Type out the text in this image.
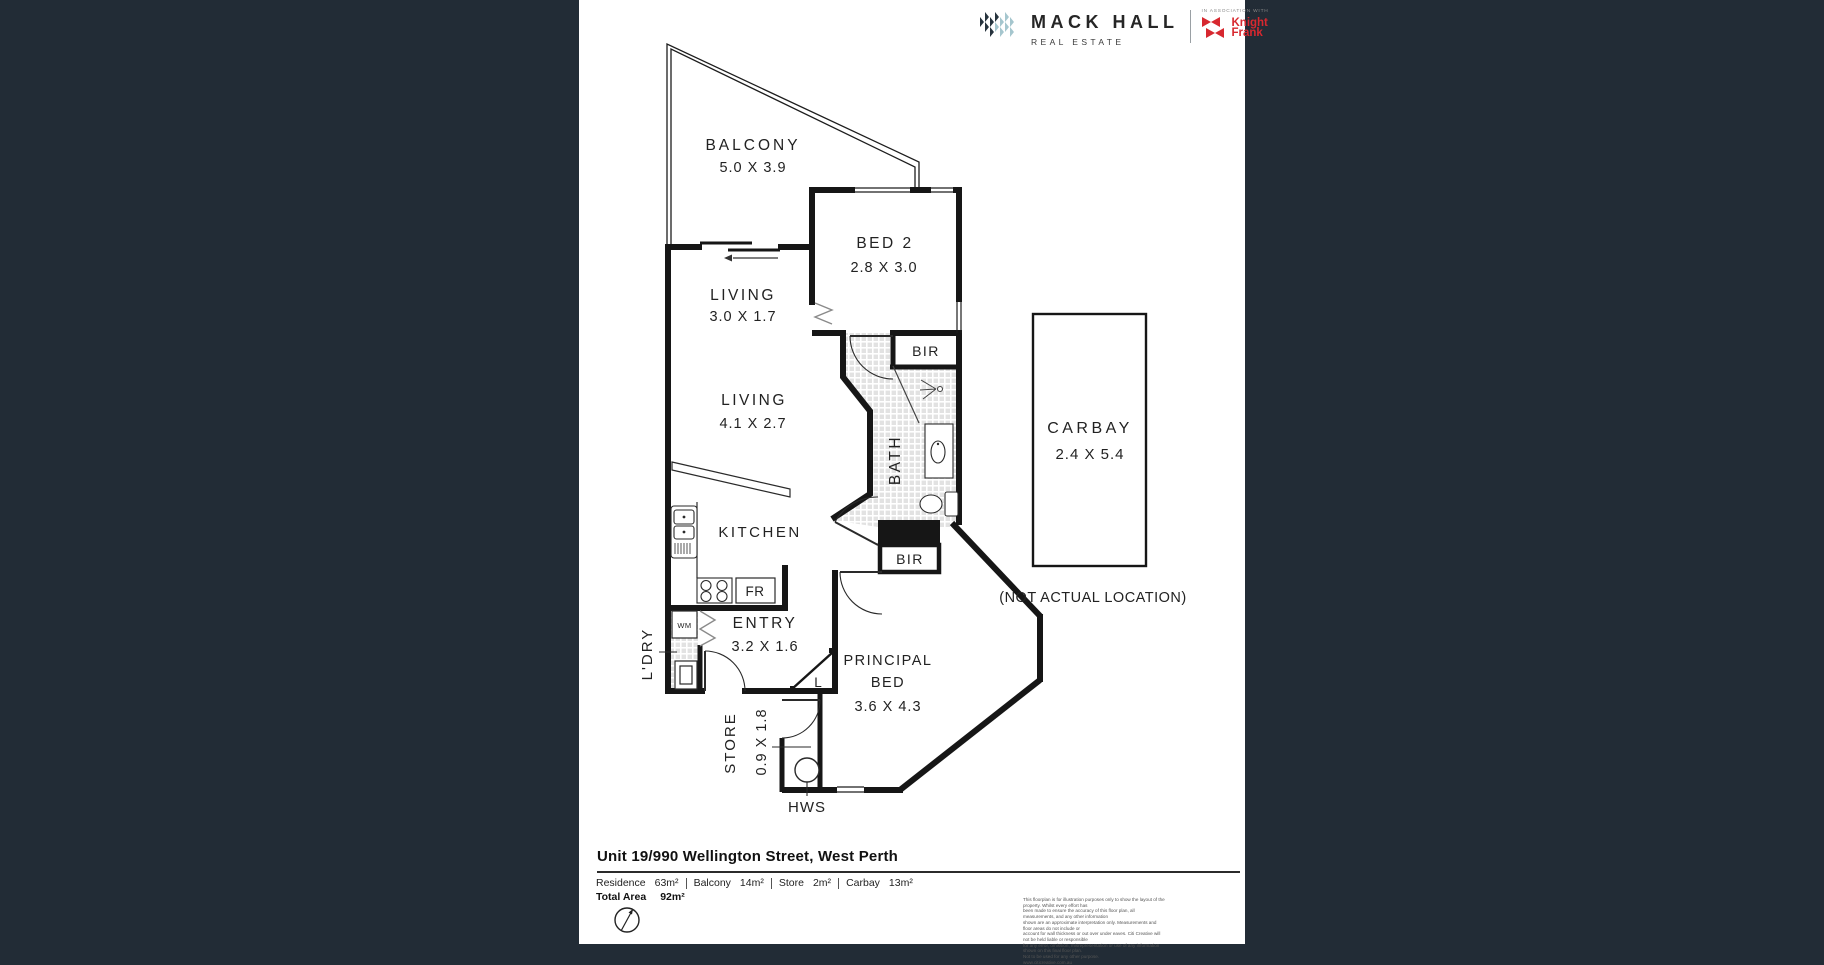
MACK HALL
REAL ESTATE
IN ASSOCIATION WITH
Knight
Frank
BALCONY
5.0 X 3.9
BED 2
2.8 X 3.0
LIVING
3.0 X 1.7
LIVING
4.1 X 2.7
KITCHEN
ENTRY
3.2 X 1.6
PRINCIPAL
BED
3.6 X 4.3
CARBAY
2.4 X 5.4
(NOT ACTUAL LOCATION)
BIR
BIR
FR
WM
L
HWS
BATH
L'DRY
STORE 0.9 X 1.8
Unit 19/990 Wellington Street, West Perth
Residence 63m² Balcony 14m² Store 2m² Carbay 13m²
Total Area 92m²	This floorplan is for illustration purposes only to show the layout of the property. Whilst every effort has
been made to ensure the accuracy of this floor plan, all measurements, and any other information
shown are an approximate interpretation only. Measurements and floor areas do not include or
account for wall thickness or out over under eaves. Citi Creative will not be held liable or responsible
for any error, omission, misrepresentation or use of any information shown on this final floor plan.
Not to be used for any other purpose.
www.citicreative.com.au
